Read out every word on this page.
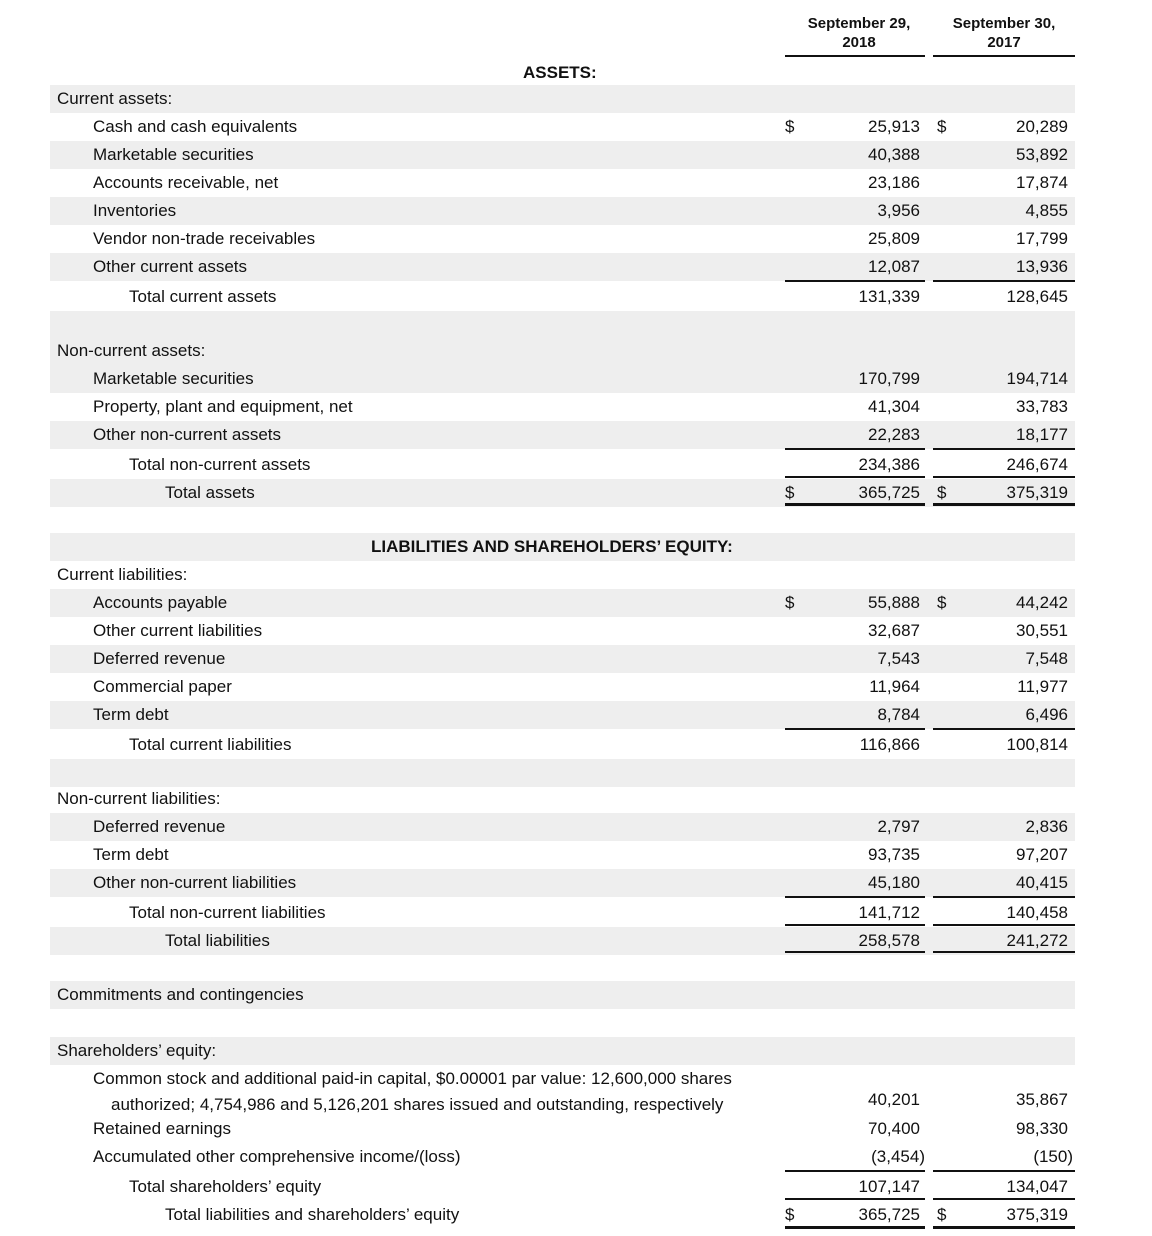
September 29,
2018
September 30,
2017
ASSETS:
Current assets:
Cash and cash equivalents	$	25,913 $	20,289
Marketable securities	40,388	53,892
Accounts receivable, net	23,186	17,874
Inventories	3,956	4,855
Vendor non-trade receivables	25,809	17,799
Other current assets	12,087	13,936
Total current assets	131,339	128,645
Non-current assets:
Marketable securities	170,799	194,714
Property, plant and equipment, net	41,304	33,783
Other non-current assets	22,283	18,177
Total non-current assets	234,386	246,674
Total assets	$	365,725 $	375,319
LIABILITIES AND SHAREHOLDERS’ EQUITY:
Current liabilities:
Accounts payable	$	55,888 $	44,242
Other current liabilities	32,687	30,551
Deferred revenue	7,543	7,548
Commercial paper	11,964	11,977
Term debt	8,784	6,496
Total current liabilities	116,866	100,814
Non-current liabilities:
Deferred revenue	2,797	2,836
Term debt	93,735	97,207
Other non-current liabilities	45,180	40,415
Total non-current liabilities	141,712	140,458
Total liabilities	258,578	241,272
Commitments and contingencies
Shareholders’ equity:
Common stock and additional paid-in capital, $0.00001 par value: 12,600,000 shares
authorized; 4,754,986 and 5,126,201 shares issued and outstanding, respectively	40,201	35,867
Retained earnings	70,400	98,330
Accumulated other comprehensive income/(loss)	(3,454)	(150)
Total shareholders’ equity	107,147	134,047
Total liabilities and shareholders’ equity	$	365,725 $	375,319
